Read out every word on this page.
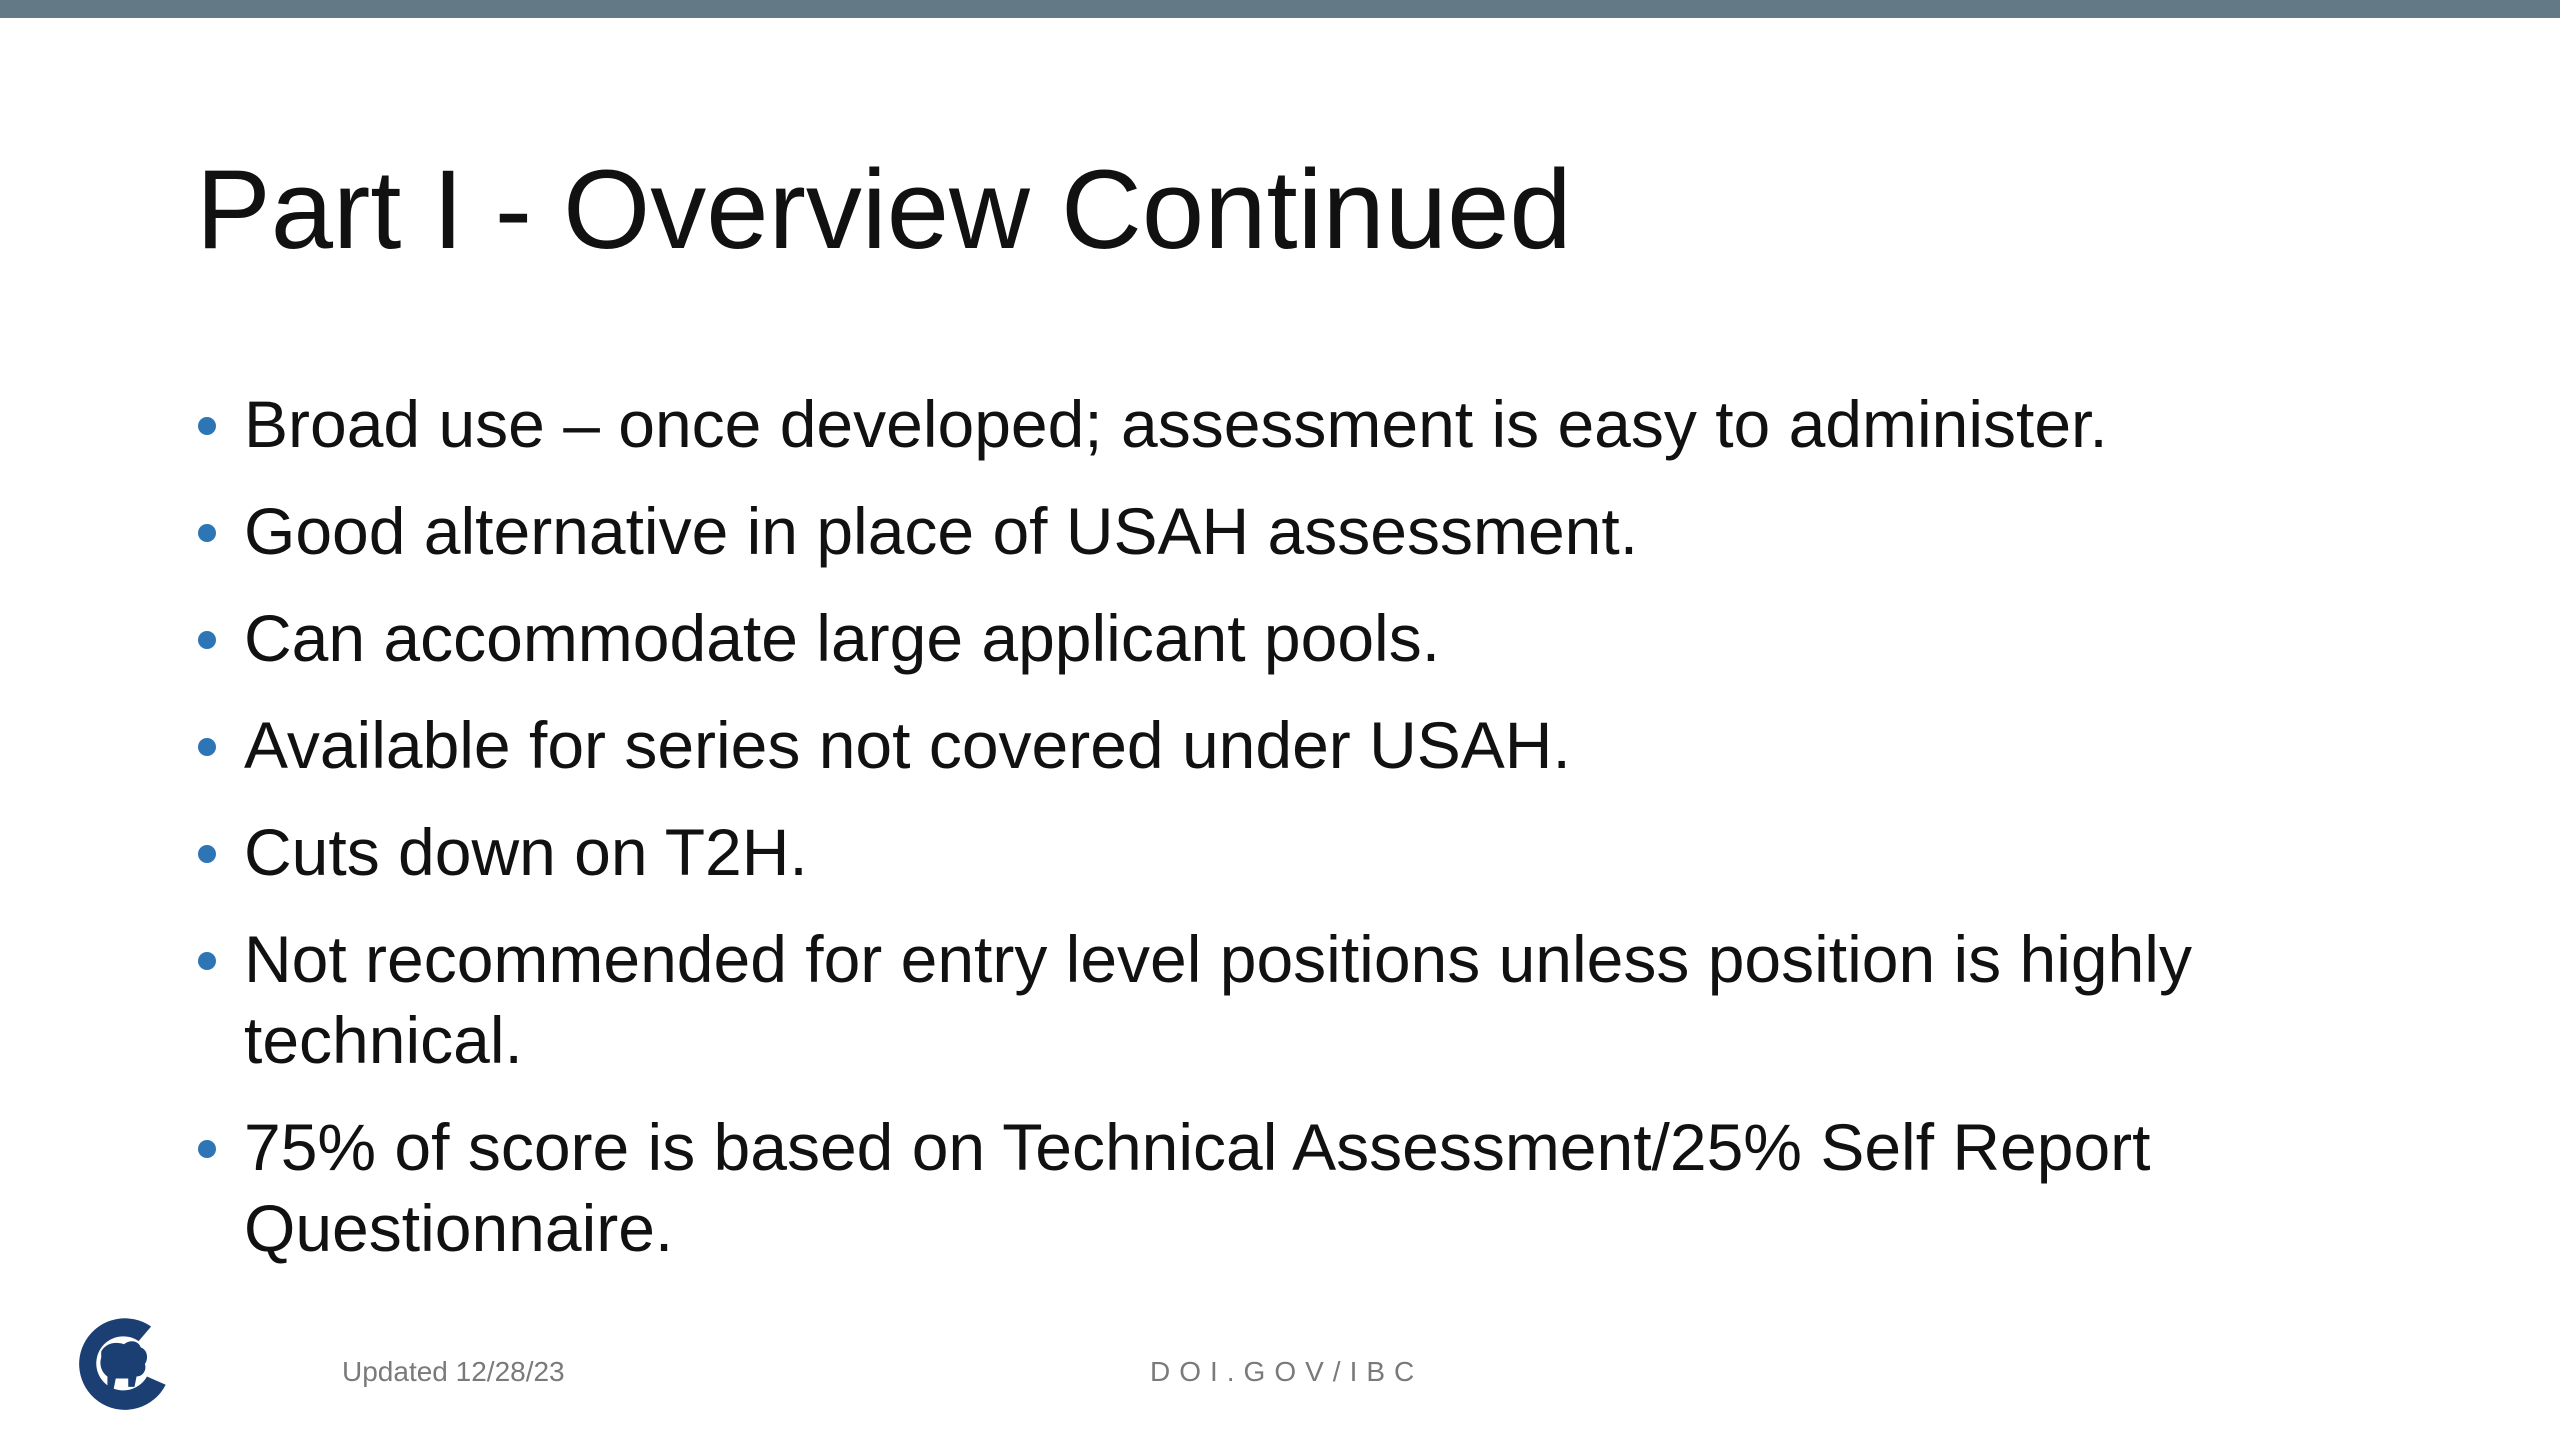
Part I - Overview Continued
Broad use – once developed; assessment is easy to administer.
Good alternative in place of USAH assessment.
Can accommodate large applicant pools.
Available for series not covered under USAH.
Cuts down on T2H.
Not recommended for entry level positions unless position is highly technical.
75% of score is based on Technical Assessment/25% Self Report Questionnaire.
Updated 12/28/23	DOI.GOV/IBC
